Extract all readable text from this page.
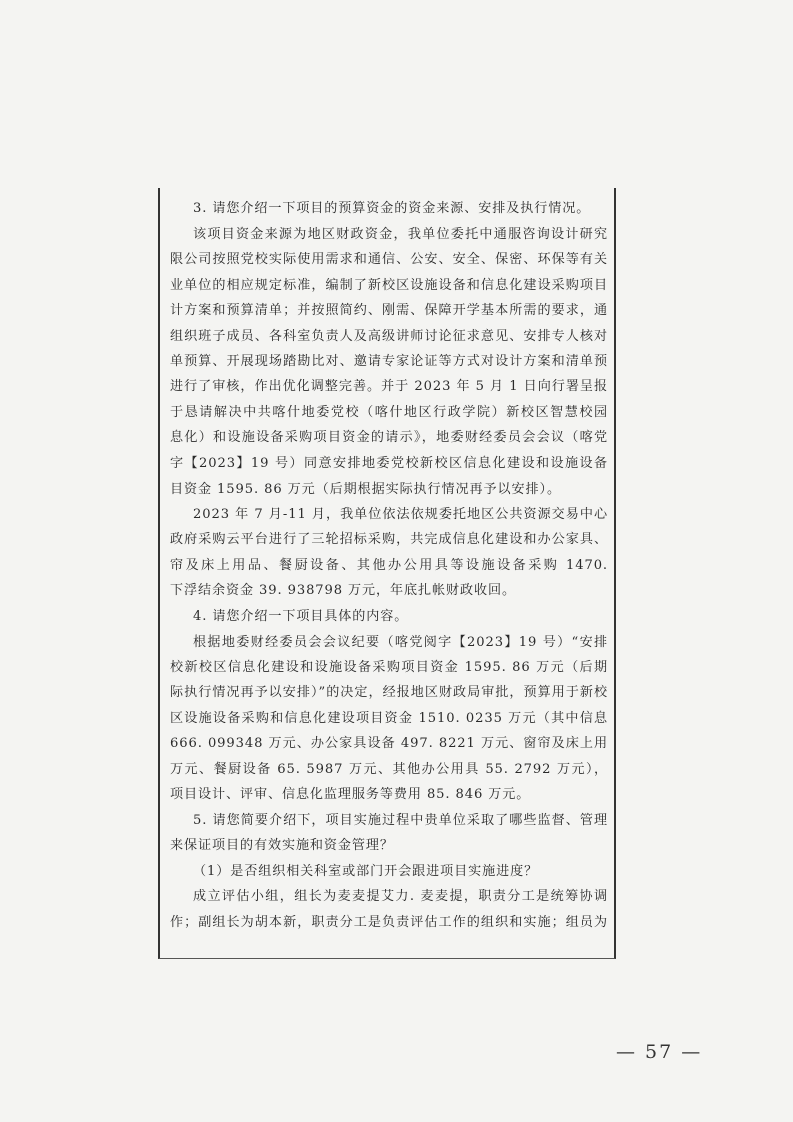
3. 请您介绍一下项目的预算资金的资金来源、安排及执行情况。
该项目资金来源为地区财政资金，我单位委托中通服咨询设计研究
限公司按照党校实际使用需求和通信、公安、安全、保密、环保等有关
业单位的相应规定标准，编制了新校区设施设备和信息化建设采购项目
计方案和预算清单；并按照简约、刚需、保障开学基本所需的要求，通
组织班子成员、各科室负责人及高级讲师讨论征求意见、安排专人核对
单预算、开展现场踏勘比对、邀请专家论证等方式对设计方案和清单预
进行了审核，作出优化调整完善。并于 2023 年 5 月 1 日向行署呈报
于恳请解决中共喀什地委党校（喀什地区行政学院）新校区智慧校园
息化）和设施设备采购项目资金的请示》，地委财经委员会会议（喀党
字【2023】19 号）同意安排地委党校新校区信息化建设和设施设备
目资金 1595. 86 万元（后期根据实际执行情况再予以安排）。
2023 年 7 月-11 月，我单位依法依规委托地区公共资源交易中心
政府采购云平台进行了三轮招标采购，共完成信息化建设和办公家具、
帘及床上用品、餐厨设备、其他办公用具等设施设备采购 1470.
下浮结余资金 39. 938798 万元，年底扎帐财政收回。
4. 请您介绍一下项目具体的内容。
根据地委财经委员会会议纪要（喀党阅字【2023】19 号）“安排
校新校区信息化建设和设施设备采购项目资金 1595. 86 万元（后期
际执行情况再予以安排）”的决定，经报地区财政局审批，预算用于新校
区设施设备采购和信息化建设项目资金 1510. 0235 万元（其中信息
666. 099348 万元、办公家具设备 497. 8221 万元、窗帘及床上用
万元、餐厨设备 65. 5987 万元、其他办公用具 55. 2792 万元），
项目设计、评审、信息化监理服务等费用 85. 846 万元。
5. 请您简要介绍下，项目实施过程中贵单位采取了哪些监督、管理
来保证项目的有效实施和资金管理？
（1）是否组织相关科室或部门开会跟进项目实施进度？
成立评估小组，组长为麦麦提艾力. 麦麦提，职责分工是统筹协调
作；副组长为胡本新，职责分工是负责评估工作的组织和实施；组员为
— 57 —
